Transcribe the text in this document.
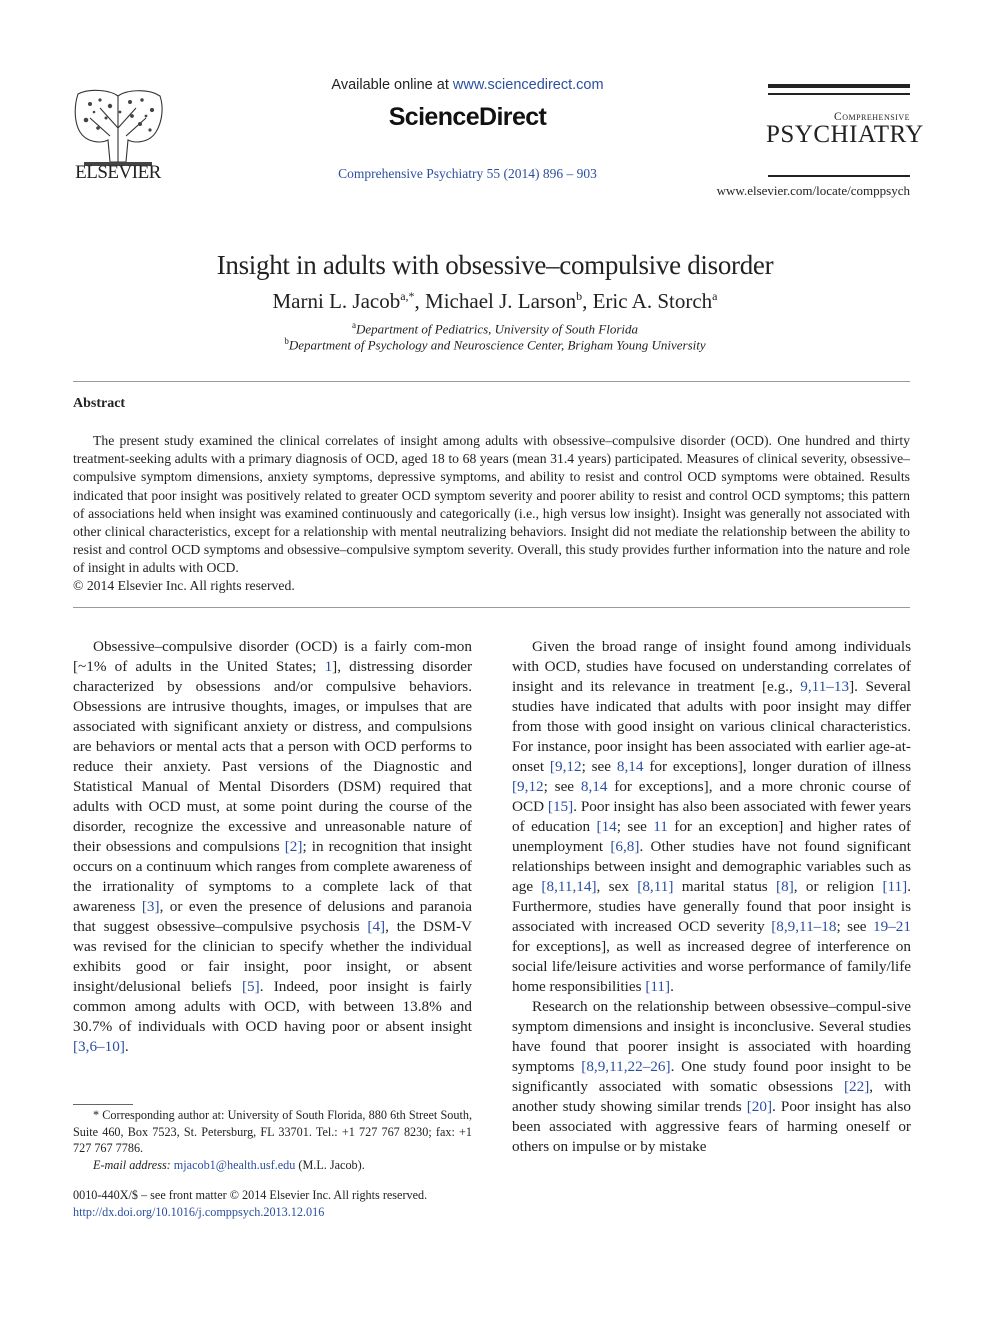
ELSEVIER
Available online at www.sciencedirect.com
ScienceDirect
Comprehensive Psychiatry 55 (2014) 896 – 903
Comprehensive
PSYCHIATRY
www.elsevier.com/locate/comppsych
Insight in adults with obsessive–compulsive disorder
Marni L. Jacob$^{a,*}$, Michael J. Larson$^b$, Eric A. Storch$^a$
$^a$Department of Pediatrics, University of South Florida
$^b$Department of Psychology and Neuroscience Center, Brigham Young University
Abstract

The present study examined the clinical correlates of insight among adults with obsessive–compulsive disorder (OCD). One hundred and thirty treatment-seeking adults with a primary diagnosis of OCD, aged 18 to 68 years (mean 31.4 years) participated. Measures of clinical severity, obsessive–compulsive symptom dimensions, anxiety symptoms, depressive symptoms, and ability to resist and control OCD symptoms were obtained. Results indicated that poor insight was positively related to greater OCD symptom severity and poorer ability to resist and control OCD symptoms; this pattern of associations held when insight was examined continuously and categorically (i.e., high versus low insight). Insight was generally not associated with other clinical characteristics, except for a relationship with mental neutralizing behaviors. Insight did not mediate the relationship between the ability to resist and control OCD symptoms and obsessive–compulsive symptom severity. Overall, this study provides further information into the nature and role of insight in adults with OCD.

© 2014 Elsevier Inc. All rights reserved.

Obsessive–compulsive disorder (OCD) is a fairly com-mon [~1% of adults in the United States; 1], distressing disorder characterized by obsessions and/or compulsive behaviors. Obsessions are intrusive thoughts, images, or impulses that are associated with significant anxiety or distress, and compulsions are behaviors or mental acts that a person with OCD performs to reduce their anxiety. Past versions of the Diagnostic and Statistical Manual of Mental Disorders (DSM) required that adults with OCD must, at some point during the course of the disorder, recognize the excessive and unreasonable nature of their obsessions and compulsions [2]; in recognition that insight occurs on a continuum which ranges from complete awareness of the irrationality of symptoms to a complete lack of that awareness [3], or even the presence of delusions and paranoia that suggest obsessive–compulsive psychosis [4], the DSM-V was revised for the clinician to specify whether the individual exhibits good or fair insight, poor insight, or absent insight/delusional beliefs [5]. Indeed, poor insight is fairly common among adults with OCD, with between 13.8% and 30.7% of individuals with OCD having poor or absent insight [3,6–10].

Given the broad range of insight found among individuals with OCD, studies have focused on understanding correlates of insight and its relevance in treatment [e.g., 9,11–13]. Several studies have indicated that adults with poor insight may differ from those with good insight on various clinical characteristics. For instance, poor insight has been associated with earlier age-at-onset [9,12; see 8,14 for exceptions], longer duration of illness [9,12; see 8,14 for exceptions], and a more chronic course of OCD [15]. Poor insight has also been associated with fewer years of education [14; see 11 for an exception] and higher rates of unemployment [6,8]. Other studies have not found significant relationships between insight and demographic variables such as age [8,11,14], sex [8,11] marital status [8], or religion [11]. Furthermore, studies have generally found that poor insight is associated with increased OCD severity [8,9,11–18; see 19–21 for exceptions], as well as increased degree of interference on social life/leisure activities and worse performance of family/life home responsibilities [11].

Research on the relationship between obsessive–compul-sive symptom dimensions and insight is inconclusive. Several studies have found that poorer insight is associated with hoarding symptoms [8,9,11,22–26]. One study found poor insight to be significantly associated with somatic obsessions [22], with another study showing similar trends [20]. Poor insight has also been associated with aggressive fears of harming oneself or others on impulse or by mistake

* Corresponding author at: University of South Florida, 880 6th Street South, Suite 460, Box 7523, St. Petersburg, FL 33701. Tel.: +1 727 767 8230; fax: +1 727 767 7786.

E-mail address: mjacob1@health.usf.edu (M.L. Jacob).

0010-440X/$ – see front matter © 2014 Elsevier Inc. All rights reserved.
http://dx.doi.org/10.1016/j.comppsych.2013.12.016
